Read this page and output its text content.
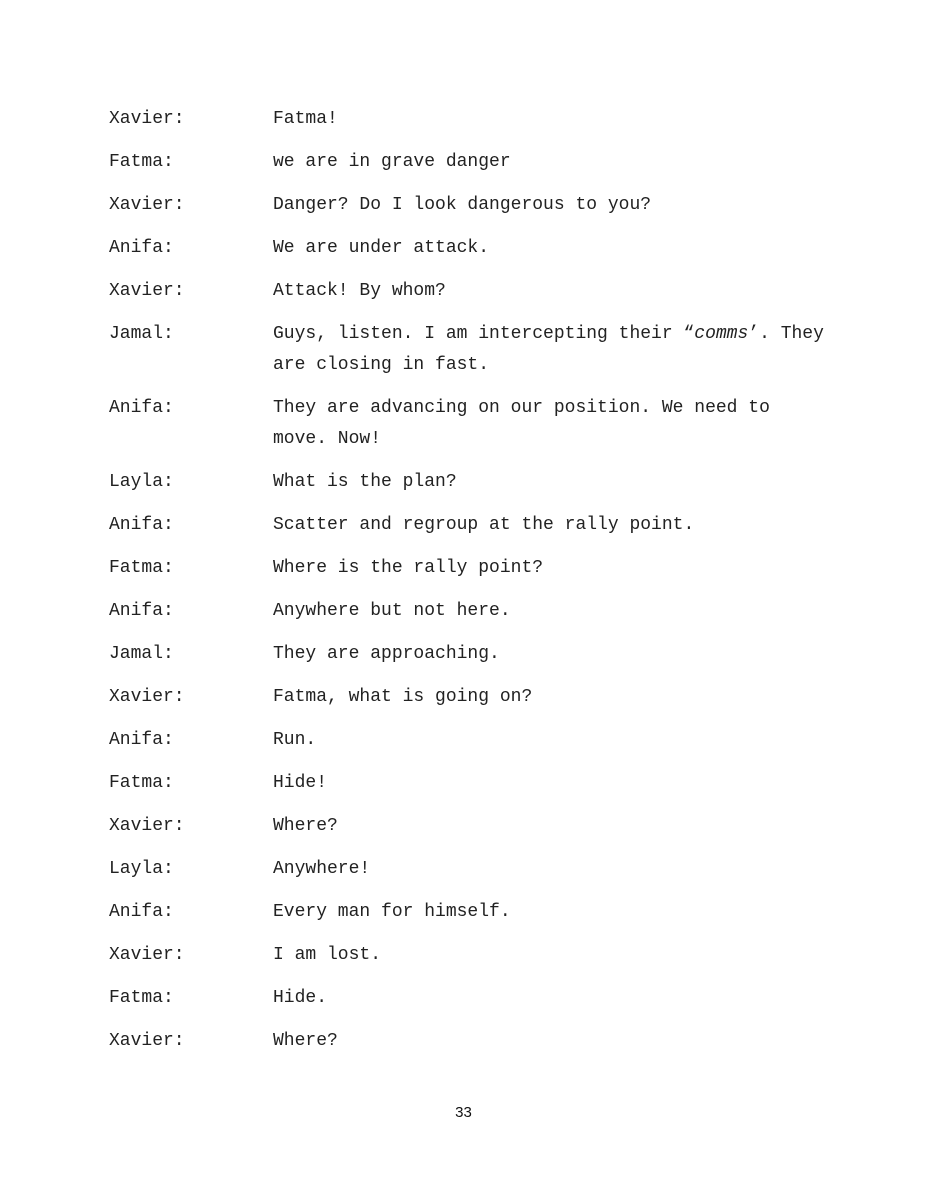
Xavier:	Fatma!
Fatma:	we are in grave danger
Xavier:	Danger? Do I look dangerous to you?
Anifa:	We are under attack.
Xavier:	Attack! By whom?
Jamal:	Guys, listen. I am intercepting their “comms’. They are closing in fast.
Anifa:	They are advancing on our position. We need to move. Now!
Layla:	What is the plan?
Anifa:	Scatter and regroup at the rally point.
Fatma:	Where is the rally point?
Anifa:	Anywhere but not here.
Jamal:	They are approaching.
Xavier:	Fatma, what is going on?
Anifa:	Run.
Fatma:	Hide!
Xavier:	Where?
Layla:	Anywhere!
Anifa:	Every man for himself.
Xavier:	I am lost.
Fatma:	Hide.
Xavier:	Where?
33
